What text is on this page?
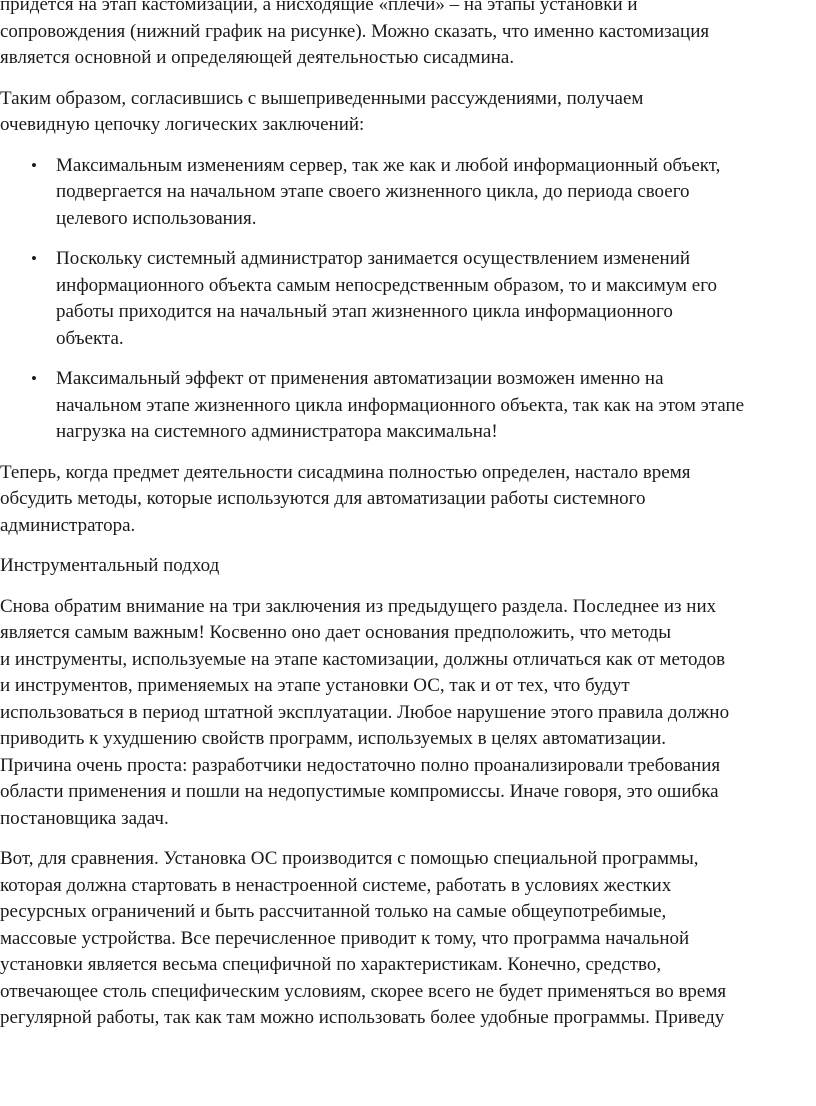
придется на этап кастомизации, а нисходящие «плечи» – на этапы установки и
сопровождения (нижний график на рисунке). Можно сказать, что именно кастомизация
является основной и определяющей деятельностью сисадмина.

Таким образом, согласившись с вышеприведенными рассуждениями, получаем
очевидную цепочку логических заключений:

• Максимальным изменениям сервер, так же как и любой информационный объект,
подвергается на начальном этапе своего жизненного цикла, до периода своего
целевого использования.
• Поскольку системный администратор занимается осуществлением изменений
информационного объекта самым непосредственным образом, то и максимум его
работы приходится на начальный этап жизненного цикла информационного
объекта.
• Максимальный эффект от применения автоматизации возможен именно на
начальном этапе жизненного цикла информационного объекта, так как на этом этапе
нагрузка на системного администратора максимальна!

Теперь, когда предмет деятельности сисадмина полностью определен, настало время
обсудить методы, которые используются для автоматизации работы системного
администратора.

Инструментальный подход

Снова обратим внимание на три заключения из предыдущего раздела. Последнее из них
является самым важным! Косвенно оно дает основания предположить, что методы
и инструменты, используемые на этапе кастомизации, должны отличаться как от методов
и инструментов, применяемых на этапе установки ОС, так и от тех, что будут
использоваться в период штатной эксплуатации. Любое нарушение этого правила должно
приводить к ухудшению свойств программ, используемых в целях автоматизации.
Причина очень проста: разработчики недостаточно полно проанализировали требования
области применения и пошли на недопустимые компромиссы. Иначе говоря, это ошибка
постановщика задач.

Вот, для сравнения. Установка ОС производится с помощью специальной программы,
которая должна стартовать в ненастроенной системе, работать в условиях жестких
ресурсных ограничений и быть рассчитанной только на самые общеупотребимые,
массовые устройства. Все перечисленное приводит к тому, что программа начальной
установки является весьма специфичной по характеристикам. Конечно, средство,
отвечающее столь специфическим условиям, скорее всего не будет применяться во время
регулярной работы, так как там можно использовать более удобные программы. Приведу
